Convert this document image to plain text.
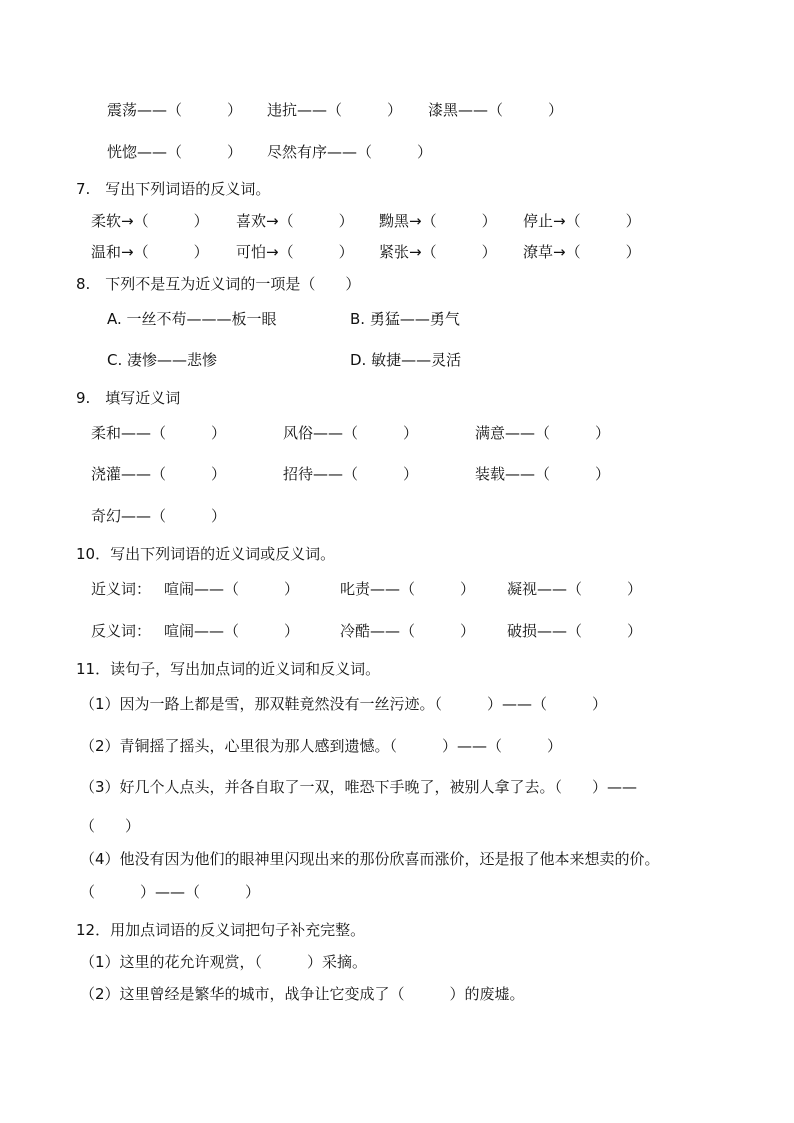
震荡——（　　　） 违抗——（　　　） 漆黑——（　　　）
恍惚——（　　　） 尽然有序——（　　　）
7.　写出下列词语的反义词。
柔软→（　　　） 喜欢→（　　　） 黝黑→（　　　） 停止→（　　　）
温和→（　　　） 可怕→（　　　） 紧张→（　　　） 潦草→（　　　）
8.　下列不是互为近义词的一项是（　　）
A. 一丝不苟———板一眼	B. 勇猛——勇气
C. 凄惨——悲惨	D. 敏捷——灵活
9.　填写近义词
柔和——（　　　）	风俗——（　　　）	满意——（　　　）
浇灌——（　　　）	招待——（　　　）	装载——（　　　）
奇幻——（　　　）
10．写出下列词语的近义词或反义词。
近义词： 喧闹——（　　　）	叱责——（　　　） 凝视——（　　　）
反义词： 喧闹——（　　　）	冷酷——（　　　） 破损——（　　　）
11．读句子，写出加点词的近义词和反义词。
（1）因为一路上都是雪，那双鞋竟然没有一丝污迹。（　　　）——（　　　）
（2）青铜摇了摇头，心里很为那人感到遗憾。（　　　）——（　　　）
（3）好几个人点头，并各自取了一双，唯恐下手晚了，被别人拿了去。（　　）——
（　　）
（4）他没有因为他们的眼神里闪现出来的那份欣喜而涨价，还是报了他本来想卖的价。
（　　　）——（　　　）
12．用加点词语的反义词把句子补充完整。
（1）这里的花允许观赏，（　　　）采摘。
（2）这里曾经是繁华的城市，战争让它变成了（　　　）的废墟。
